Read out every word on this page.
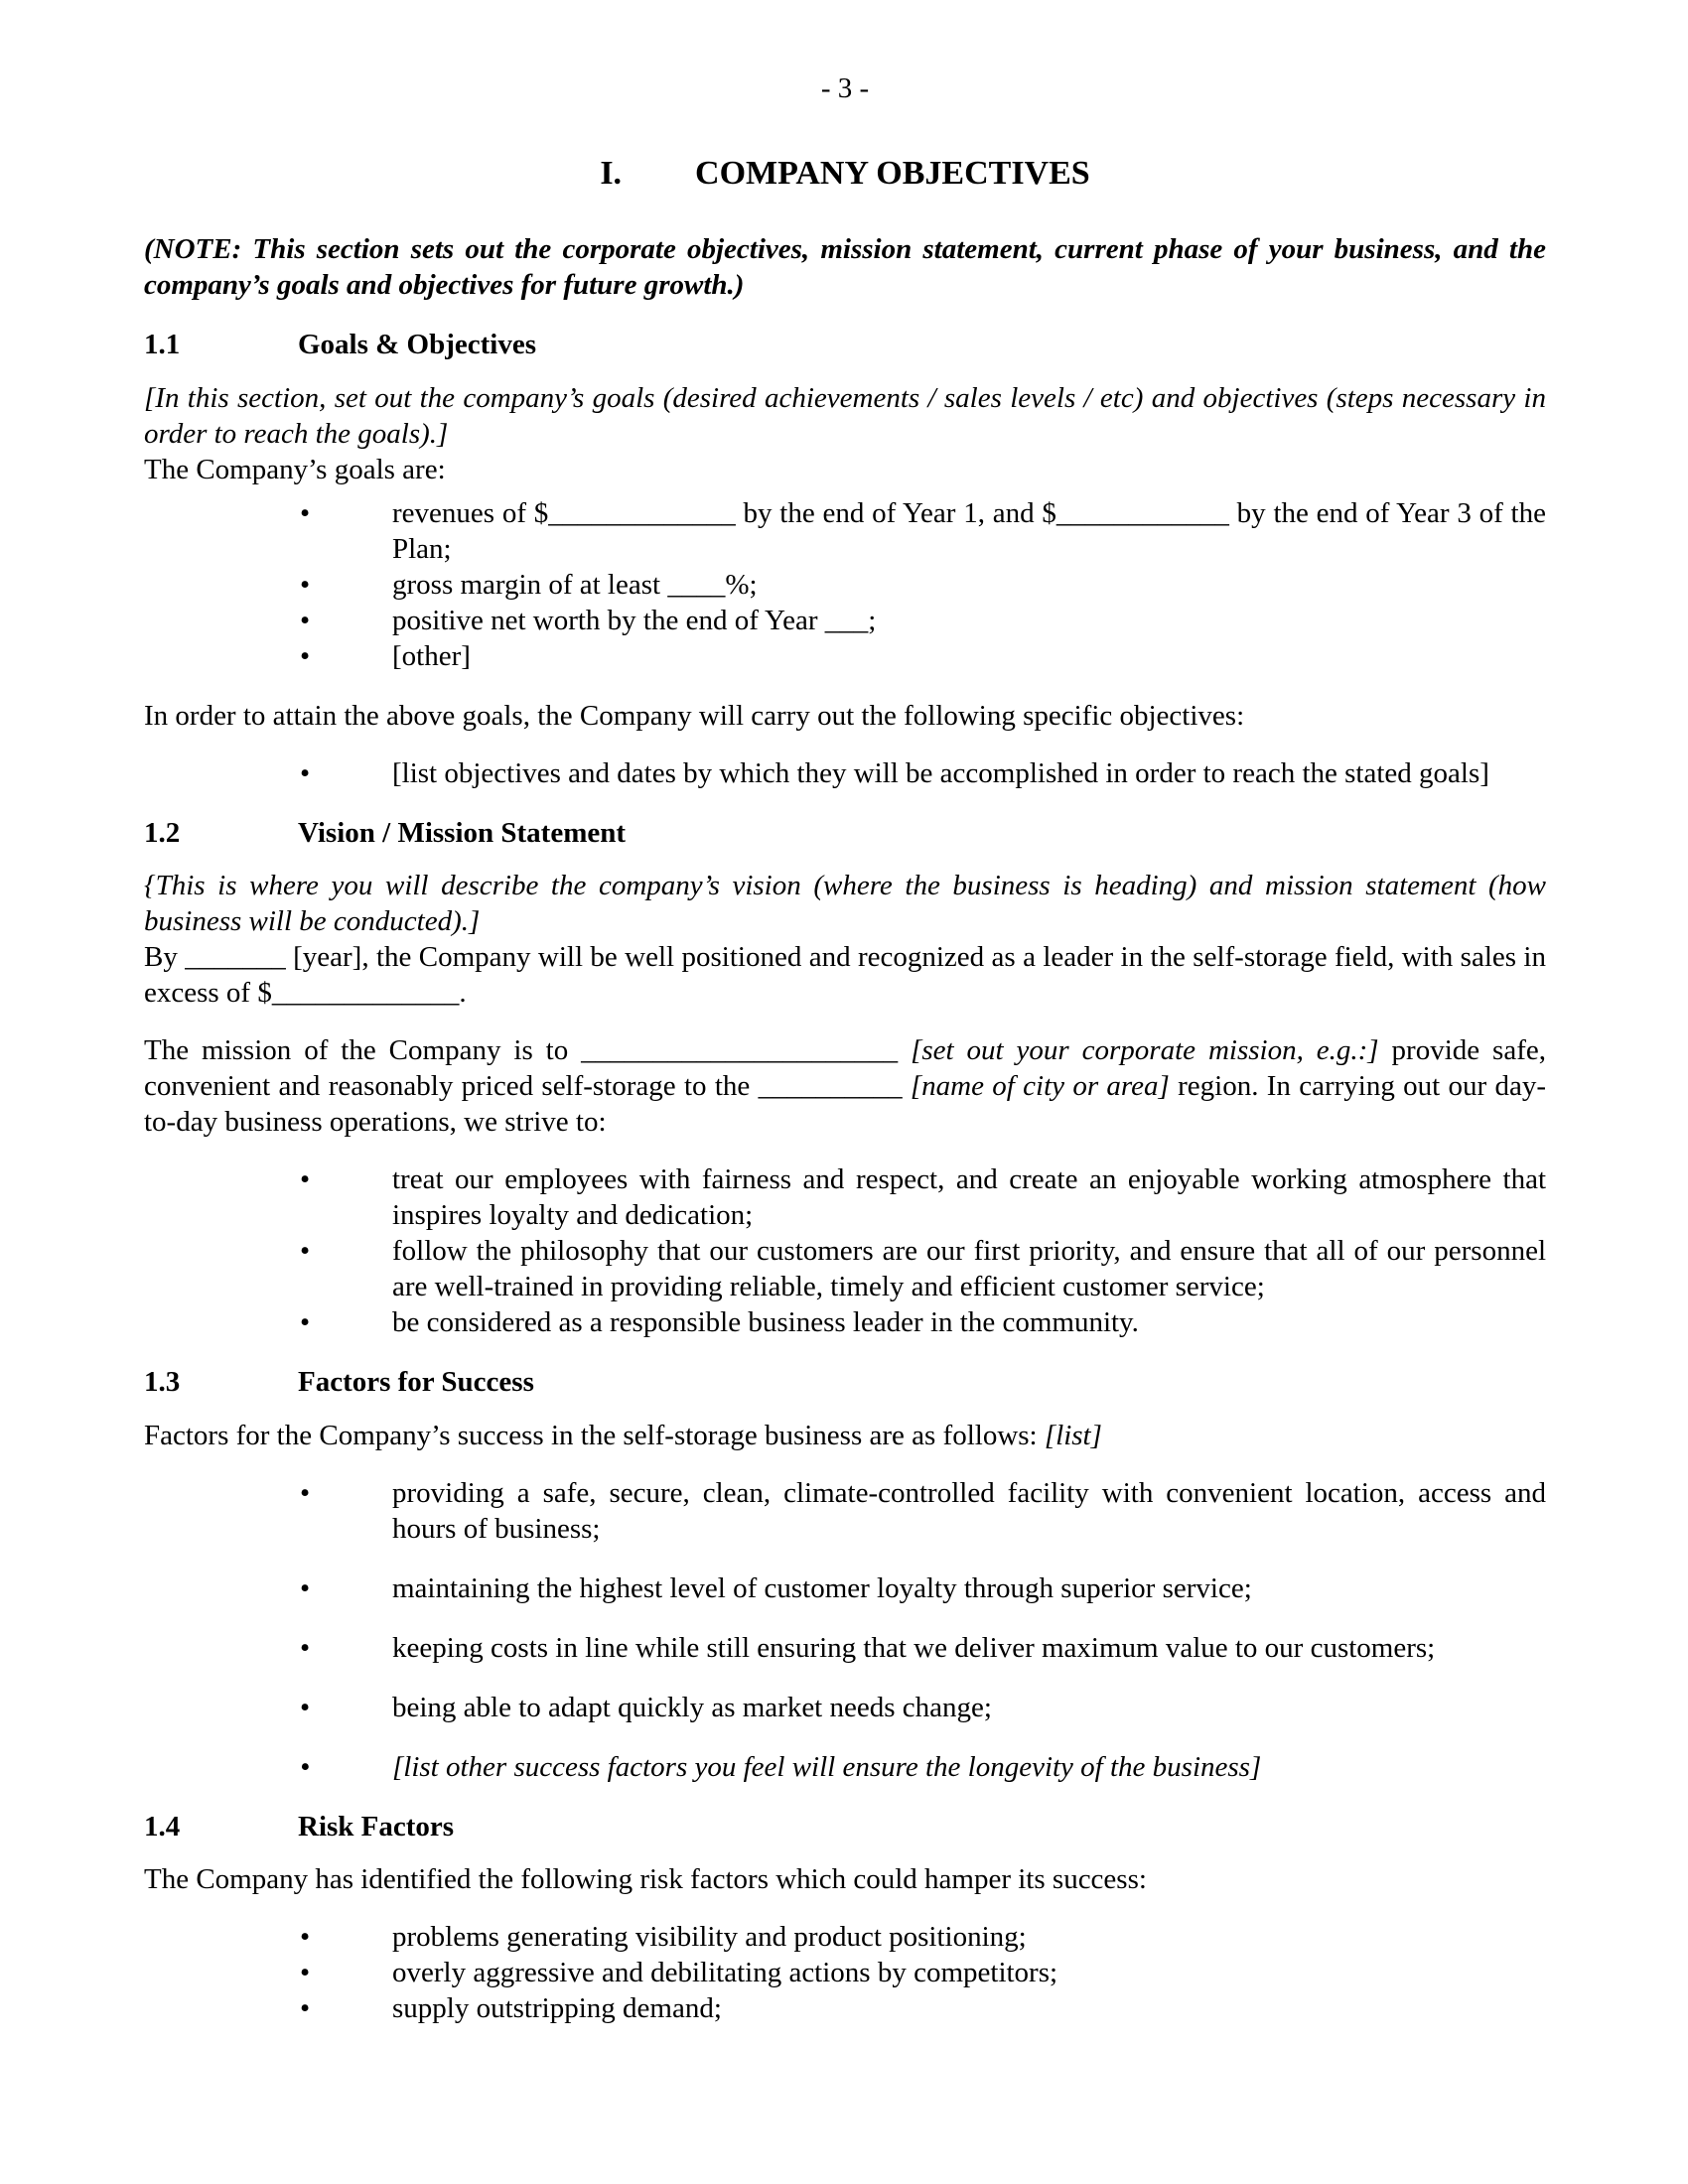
- 3 -

I. COMPANY OBJECTIVES

(NOTE: This section sets out the corporate objectives, mission statement, current phase of your business, and the company’s goals and objectives for future growth.)

1.1	Goals & Objectives

[In this section, set out the company’s goals (desired achievements / sales levels / etc) and objectives (steps necessary in order to reach the goals).]

The Company’s goals are:

• revenues of $_____________ by the end of Year 1, and $____________ by the end of Year 3 of the Plan;
• gross margin of at least ____%;
• positive net worth by the end of Year ___;
• [other]

In order to attain the above goals, the Company will carry out the following specific objectives:

• [list objectives and dates by which they will be accomplished in order to reach the stated goals]
1.2	Vision / Mission Statement

{This is where you will describe the company’s vision (where the business is heading) and mission statement (how business will be conducted).]

By _______ [year], the Company will be well positioned and recognized as a leader in the self-storage field, with sales in excess of $_____________.

The mission of the Company is to ______________________ [set out your corporate mission, e.g.:] provide safe, convenient and reasonably priced self-storage to the __________ [name of city or area] region. In carrying out our day-to-day business operations, we strive to:

• treat our employees with fairness and respect, and create an enjoyable working atmosphere that inspires loyalty and dedication;
• follow the philosophy that our customers are our first priority, and ensure that all of our personnel are well-trained in providing reliable, timely and efficient customer service;
• be considered as a responsible business leader in the community.
1.3	Factors for Success

Factors for the Company’s success in the self-storage business are as follows: [list]

• providing a safe, secure, clean, climate-controlled facility with convenient location, access and hours of business;
• maintaining the highest level of customer loyalty through superior service;
• keeping costs in line while still ensuring that we deliver maximum value to our customers;
• being able to adapt quickly as market needs change;
• [list other success factors you feel will ensure the longevity of the business]
1.4	Risk Factors

The Company has identified the following risk factors which could hamper its success:

• problems generating visibility and product positioning;
• overly aggressive and debilitating actions by competitors;
• supply outstripping demand;
